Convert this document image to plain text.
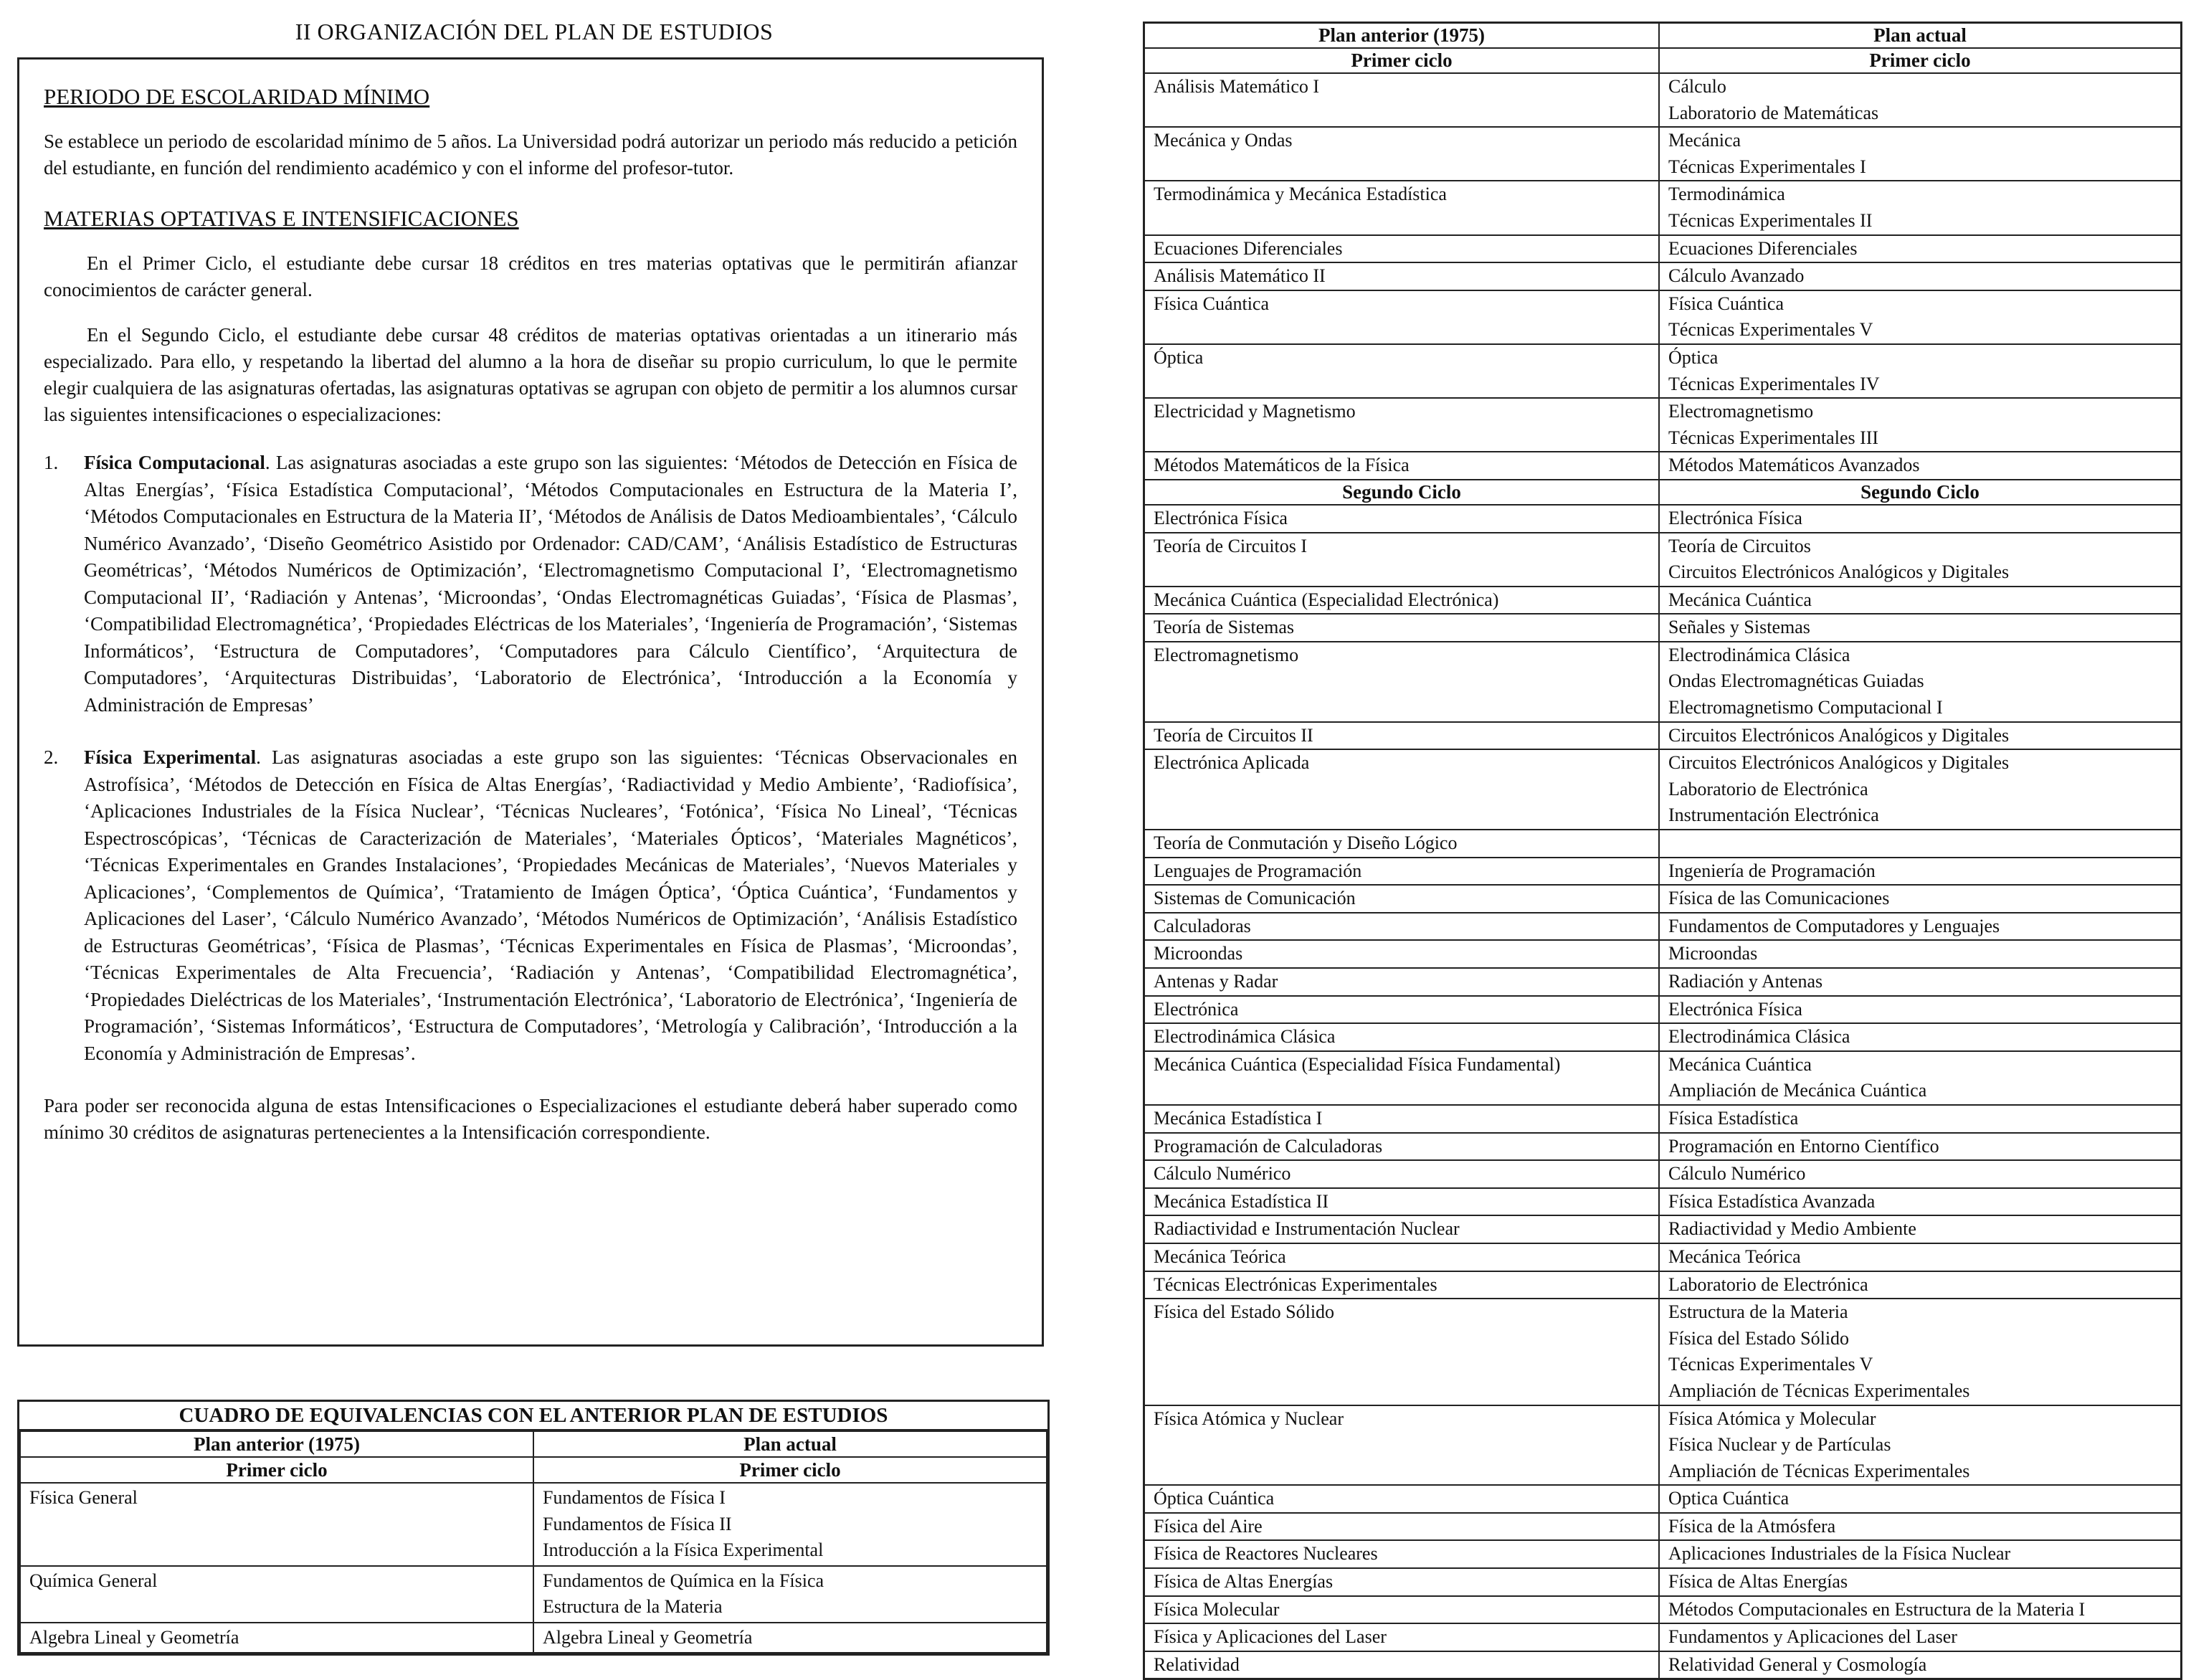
II ORGANIZACIÓN DEL PLAN DE ESTUDIOS
PERIODO DE ESCOLARIDAD MÍNIMO

Se establece un periodo de escolaridad mínimo de 5 años. La Universidad podrá autorizar un periodo más reducido a petición del estudiante, en función del rendimiento académico y con el informe del profesor-tutor.

MATERIAS OPTATIVAS E INTENSIFICACIONES

En el Primer Ciclo, el estudiante debe cursar 18 créditos en tres materias optativas que le permitirán afianzar conocimientos de carácter general.

En el Segundo Ciclo, el estudiante debe cursar 48 créditos de materias optativas orientadas a un itinerario más especializado. Para ello, y respetando la libertad del alumno a la hora de diseñar su propio curriculum, lo que le permite elegir cualquiera de las asignaturas ofertadas, las asignaturas optativas se agrupan con objeto de permitir a los alumnos cursar las siguientes intensificaciones o especializaciones:

1. Física Computacional. Las asignaturas asociadas a este grupo son las siguientes: ‘Métodos de Detección en Física de Altas Energías’, ‘Física Estadística Computacional’, ‘Métodos Computacionales en Estructura de la Materia I’, ‘Métodos Computacionales en Estructura de la Materia II’, ‘Métodos de Análisis de Datos Medioambientales’, ‘Cálculo Numérico Avanzado’, ‘Diseño Geométrico Asistido por Ordenador: CAD/CAM’, ‘Análisis Estadístico de Estructuras Geométricas’, ‘Métodos Numéricos de Optimización’, ‘Electromagnetismo Computacional I’, ‘Electromagnetismo Computacional II’, ‘Radiación y Antenas’, ‘Microondas’, ‘Ondas Electromagnéticas Guiadas’, ‘Física de Plasmas’, ‘Compatibilidad Electromagnética’, ‘Propiedades Eléctricas de los Materiales’, ‘Ingeniería de Programación’, ‘Sistemas Informáticos’, ‘Estructura de Computadores’, ‘Computadores para Cálculo Científico’, ‘Arquitectura de Computadores’, ‘Arquitecturas Distribuidas’, ‘Laboratorio de Electrónica’, ‘Introducción a la Economía y Administración de Empresas’
2. Física Experimental. Las asignaturas asociadas a este grupo son las siguientes: ‘Técnicas Observacionales en Astrofísica’, ‘Métodos de Detección en Física de Altas Energías’, ‘Radiactividad y Medio Ambiente’, ‘Radiofísica’, ‘Aplicaciones Industriales de la Física Nuclear’, ‘Técnicas Nucleares’, ‘Fotónica’, ‘Física No Lineal’, ‘Técnicas Espectroscópicas’, ‘Técnicas de Caracterización de Materiales’, ‘Materiales Ópticos’, ‘Materiales Magnéticos’, ‘Técnicas Experimentales en Grandes Instalaciones’, ‘Propiedades Mecánicas de Materiales’, ‘Nuevos Materiales y Aplicaciones’, ‘Complementos de Química’, ‘Tratamiento de Imágen Óptica’, ‘Óptica Cuántica’, ‘Fundamentos y Aplicaciones del Laser’, ‘Cálculo Numérico Avanzado’, ‘Métodos Numéricos de Optimización’, ‘Análisis Estadístico de Estructuras Geométricas’, ‘Física de Plasmas’, ‘Técnicas Experimentales en Física de Plasmas’, ‘Microondas’, ‘Técnicas Experimentales de Alta Frecuencia’, ‘Radiación y Antenas’, ‘Compatibilidad Electromagnética’, ‘Propiedades Dieléctricas de los Materiales’, ‘Instrumentación Electrónica’, ‘Laboratorio de Electrónica’, ‘Ingeniería de Programación’, ‘Sistemas Informáticos’, ‘Estructura de Computadores’, ‘Metrología y Calibración’, ‘Introducción a la Economía y Administración de Empresas’.

Para poder ser reconocida alguna de estas Intensificaciones o Especializaciones el estudiante deberá haber superado como mínimo 30 créditos de asignaturas pertenecientes a la Intensificación correspondiente.

CUADRO DE EQUIVALENCIAS CON EL ANTERIOR PLAN DE ESTUDIOS
Plan anterior (1975)	Plan actual
Primer ciclo	Primer ciclo
Física General	Fundamentos de Física I
Fundamentos de Física II
Introducción a la Física Experimental

Química General	Fundamentos de Química en la Física
Estructura de la Materia

Algebra Lineal y Geometría	Algebra Lineal y Geometría
Plan anterior (1975)	Plan actual
Primer ciclo	Primer ciclo
Análisis Matemático I	Cálculo
Laboratorio de Matemáticas

Mecánica y Ondas	Mecánica
Técnicas Experimentales I

Termodinámica y Mecánica Estadística	Termodinámica
Técnicas Experimentales II

Ecuaciones Diferenciales	Ecuaciones Diferenciales

Análisis Matemático II	Cálculo Avanzado

Física Cuántica	Física Cuántica
Técnicas Experimentales V

Óptica	Óptica
Técnicas Experimentales IV

Electricidad y Magnetismo	Electromagnetismo
Técnicas Experimentales III

Métodos Matemáticos de la Física	Métodos Matemáticos Avanzados

Segundo Ciclo	Segundo Ciclo
Electrónica Física	Electrónica Física

Teoría de Circuitos I	Teoría de Circuitos
Circuitos Electrónicos Analógicos y Digitales

Mecánica Cuántica (Especialidad Electrónica)	Mecánica Cuántica

Teoría de Sistemas	Señales y Sistemas

Electromagnetismo	Electrodinámica Clásica
Ondas Electromagnéticas Guiadas
Electromagnetismo Computacional I

Teoría de Circuitos II	Circuitos Electrónicos Analógicos y Digitales

Electrónica Aplicada	Circuitos Electrónicos Analógicos y Digitales
Laboratorio de Electrónica
Instrumentación Electrónica

Teoría de Conmutación y Diseño Lógico	

Lenguajes de Programación	Ingeniería de Programación

Sistemas de Comunicación	Física de las Comunicaciones

Calculadoras	Fundamentos de Computadores y Lenguajes

Microondas	Microondas

Antenas y Radar	Radiación y Antenas

Electrónica	Electrónica Física

Electrodinámica Clásica	Electrodinámica Clásica

Mecánica Cuántica (Especialidad Física Fundamental)	Mecánica Cuántica
Ampliación de Mecánica Cuántica

Mecánica Estadística I	Física Estadística

Programación de Calculadoras	Programación en Entorno Científico

Cálculo Numérico	Cálculo Numérico

Mecánica Estadística II	Física Estadística Avanzada

Radiactividad e Instrumentación Nuclear	Radiactividad y Medio Ambiente

Mecánica Teórica	Mecánica Teórica

Técnicas Electrónicas Experimentales	Laboratorio de Electrónica

Física del Estado Sólido	Estructura de la Materia
Física del Estado Sólido
Técnicas Experimentales V
Ampliación de Técnicas Experimentales

Física Atómica y Nuclear	Física Atómica y Molecular
Física Nuclear y de Partículas
Ampliación de Técnicas Experimentales

Óptica Cuántica	Optica Cuántica

Física del Aire	Física de la Atmósfera

Física de Reactores Nucleares	Aplicaciones Industriales de la Física Nuclear

Física de Altas Energías	Física de Altas Energías

Física Molecular	Métodos Computacionales en Estructura de la Materia I

Física y Aplicaciones del Laser	Fundamentos y Aplicaciones del Laser

Relatividad	Relatividad General y Cosmología
